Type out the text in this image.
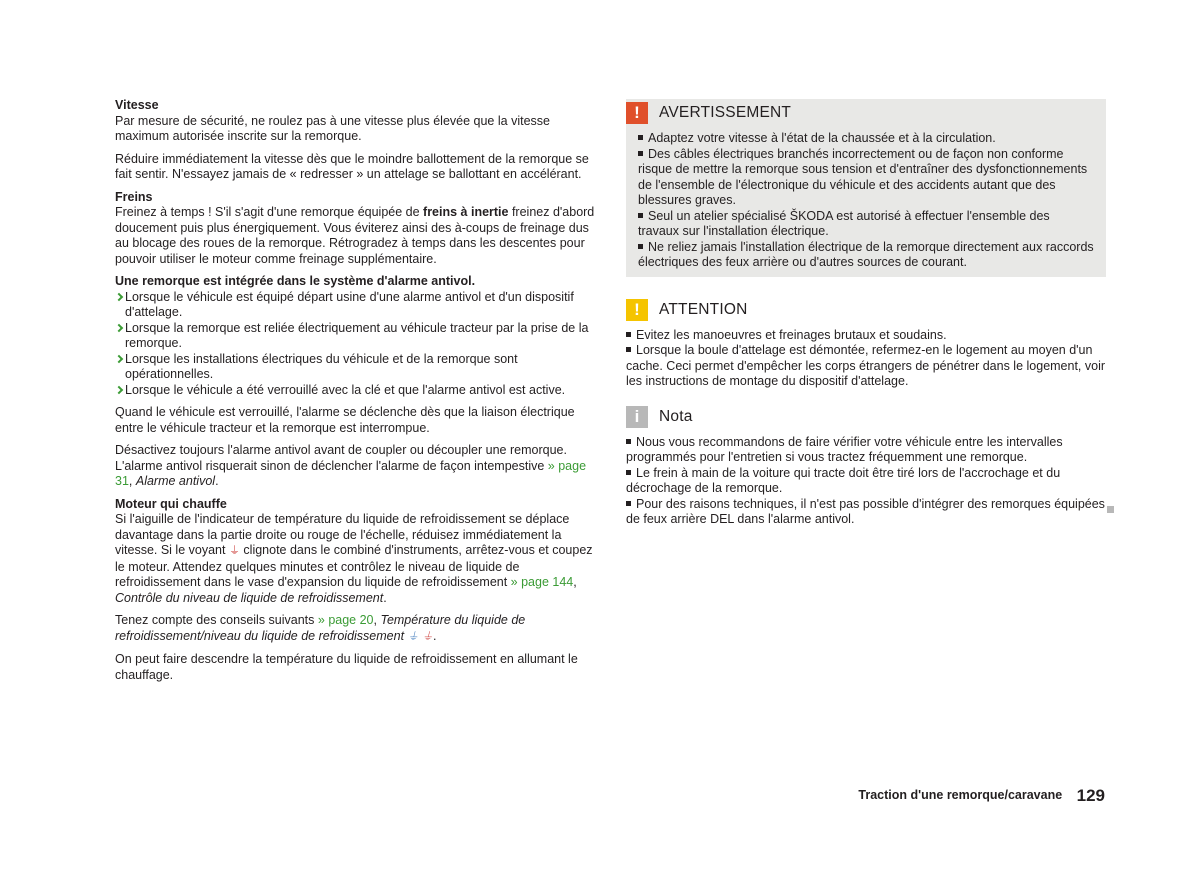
Vitesse

Par mesure de sécurité, ne roulez pas à une vitesse plus élevée que la vitesse maximum autorisée inscrite sur la remorque.

Réduire immédiatement la vitesse dès que le moindre ballottement de la remorque se fait sentir. N'essayez jamais de « redresser » un attelage se ballottant en accélérant.

Freins

Freinez à temps ! S'il s'agit d'une remorque équipée de freins à inertie freinez d'abord doucement puis plus énergiquement. Vous éviterez ainsi des à-coups de freinage dus au blocage des roues de la remorque. Rétrogradez à temps dans les descentes pour pouvoir utiliser le moteur comme freinage supplémentaire.

Une remorque est intégrée dans le système d'alarme antivol.

Lorsque le véhicule est équipé départ usine d'une alarme antivol et d'un dispositif d'attelage.
Lorsque la remorque est reliée électriquement au véhicule tracteur par la prise de la remorque.
Lorsque les installations électriques du véhicule et de la remorque sont opérationnelles.
Lorsque le véhicule a été verrouillé avec la clé et que l'alarme antivol est active.

Quand le véhicule est verrouillé, l'alarme se déclenche dès que la liaison électrique entre le véhicule tracteur et la remorque est interrompue.

Désactivez toujours l'alarme antivol avant de coupler ou découpler une remorque. L'alarme antivol risquerait sinon de déclencher l'alarme de façon intempestive » page 31, Alarme antivol.

Moteur qui chauffe

Si l'aiguille de l'indicateur de température du liquide de refroidissement se déplace davantage dans la partie droite ou rouge de l'échelle, réduisez immédiatement la vitesse. Si le voyant ⏚ clignote dans le combiné d'instruments, arrêtez-vous et coupez le moteur. Attendez quelques minutes et contrôlez le niveau de liquide de refroidissement dans le vase d'expansion du liquide de refroidissement » page 144, Contrôle du niveau de liquide de refroidissement.

Tenez compte des conseils suivants » page 20, Température du liquide de refroidissement/niveau du liquide de refroidissement ⏚ ⏚.

On peut faire descendre la température du liquide de refroidissement en allumant le chauffage.

!	AVERTISSEMENT

Adaptez votre vitesse à l'état de la chaussée et à la circulation.

Des câbles électriques branchés incorrectement ou de façon non conforme risque de mettre la remorque sous tension et d'entraîner des dysfonctionnements de l'ensemble de l'électronique du véhicule et des accidents autant que des blessures graves.

Seul un atelier spécialisé ŠKODA est autorisé à effectuer l'ensemble des travaux sur l'installation électrique.

Ne reliez jamais l'installation électrique de la remorque directement aux raccords électriques des feux arrière ou d'autres sources de courant.

!	ATTENTION

Evitez les manoeuvres et freinages brutaux et soudains.

Lorsque la boule d'attelage est démontée, refermez-en le logement au moyen d'un cache. Ceci permet d'empêcher les corps étrangers de pénétrer dans le logement, voir les instructions de montage du dispositif d'attelage.

i	Nota

Nous vous recommandons de faire vérifier votre véhicule entre les intervalles programmés pour l'entretien si vous tractez fréquemment une remorque.

Le frein à main de la voiture qui tracte doit être tiré lors de l'accrochage et du décrochage de la remorque.

Pour des raisons techniques, il n'est pas possible d'intégrer des remorques équipées de feux arrière DEL dans l'alarme antivol.

Traction d'une remorque/caravane 129
